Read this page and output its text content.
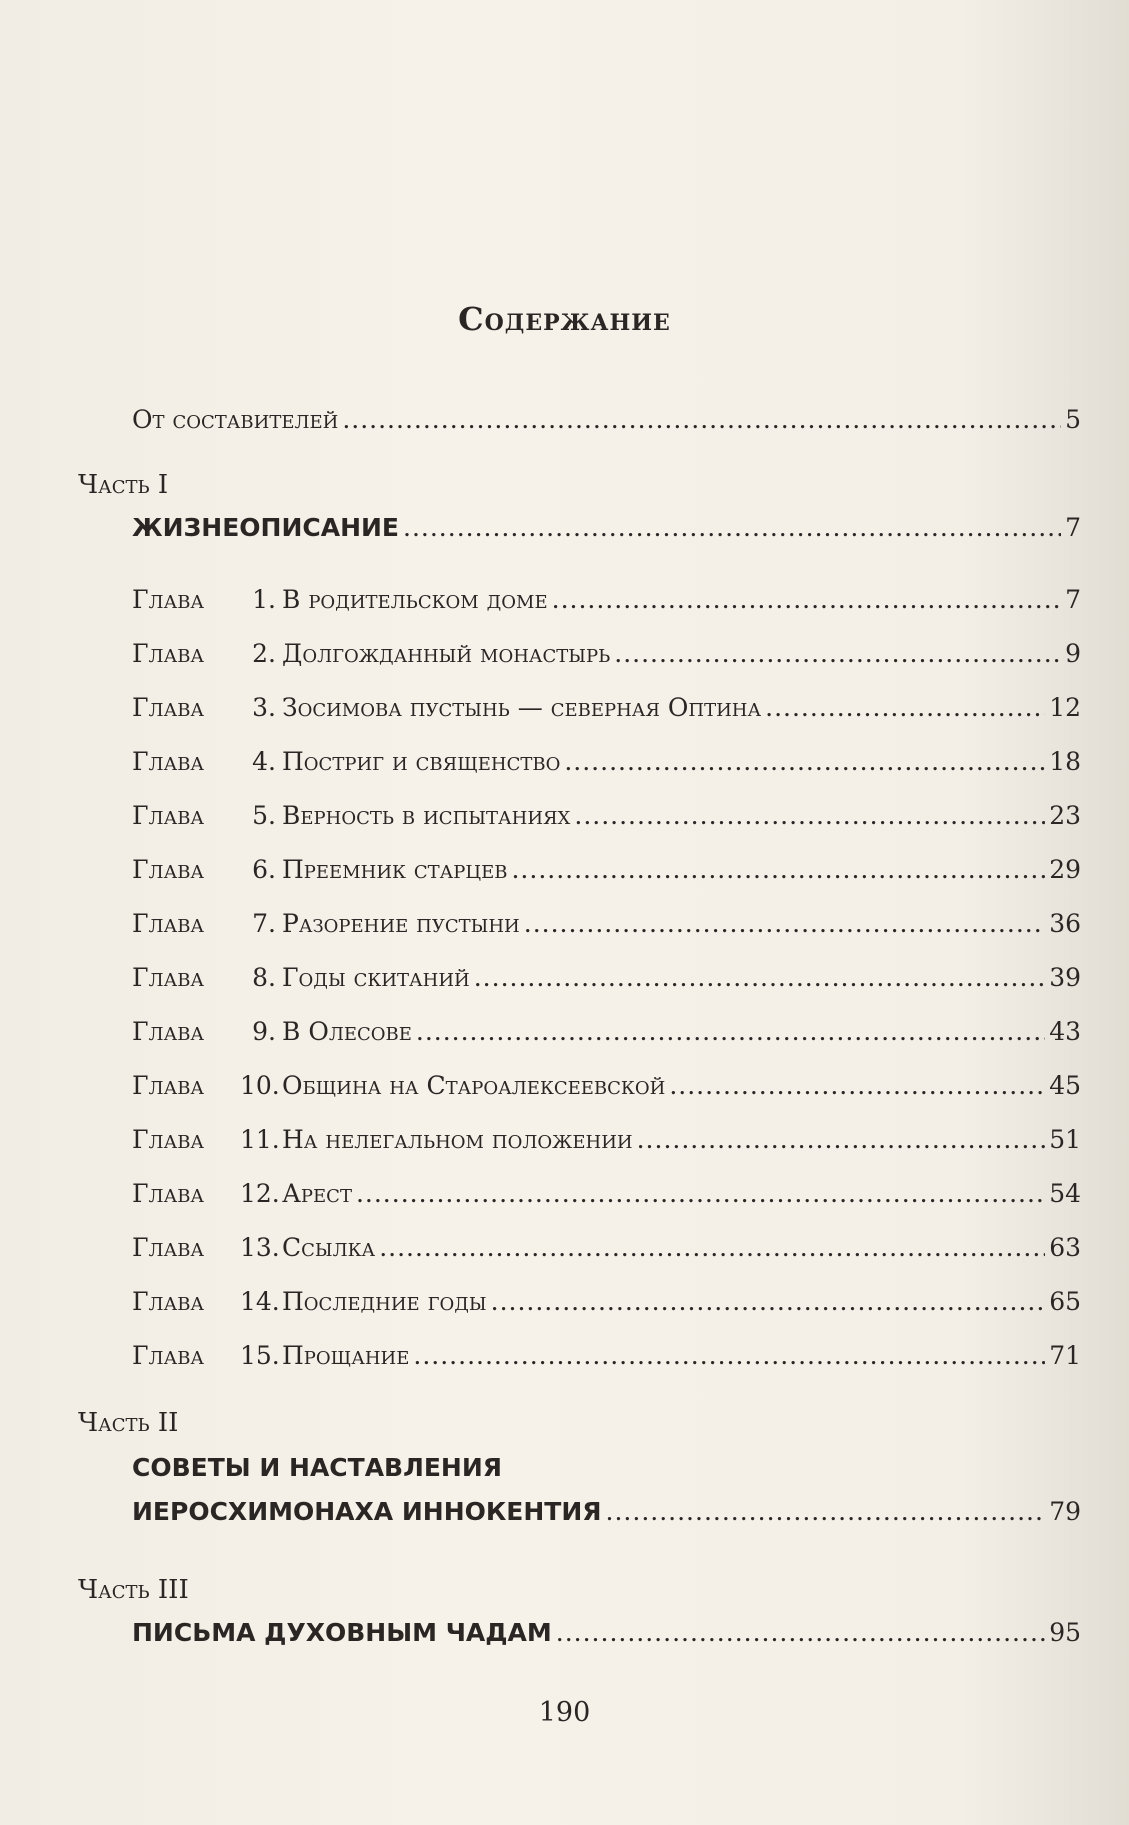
Содержание
От составителей .....	5
Часть I
ЖИЗНЕОПИСАНИЕ .....	7
Глава 1. В родительском доме .....	7
Глава 2. Долгожданный монастырь .....	9
Глава 3. Зосимова пустынь — северная Оптина .....	12
Глава 4. Постриг и священство .....	18
Глава 5. Верность в испытаниях .....	23
Глава 6. Преемник старцев .....	29
Глава 7. Разорение пустыни .....	36
Глава 8. Годы скитаний .....	39
Глава 9. В Олесове .....	43
Глава 10.Община на Староалексеевской .....	45
Глава 11.На нелегальном положении .....	51
Глава 12.Арест .....	54
Глава 13.Ссылка .....	63
Глава 14.Последние годы .....	65
Глава 15.Прощание .....	71
Часть II
СОВЕТЫ И НАСТАВЛЕНИЯ
ИЕРОСХИМОНАХА ИННОКЕНТИЯ .....	79
Часть III
ПИСЬМА ДУХОВНЫМ ЧАДАМ .....	95
190
